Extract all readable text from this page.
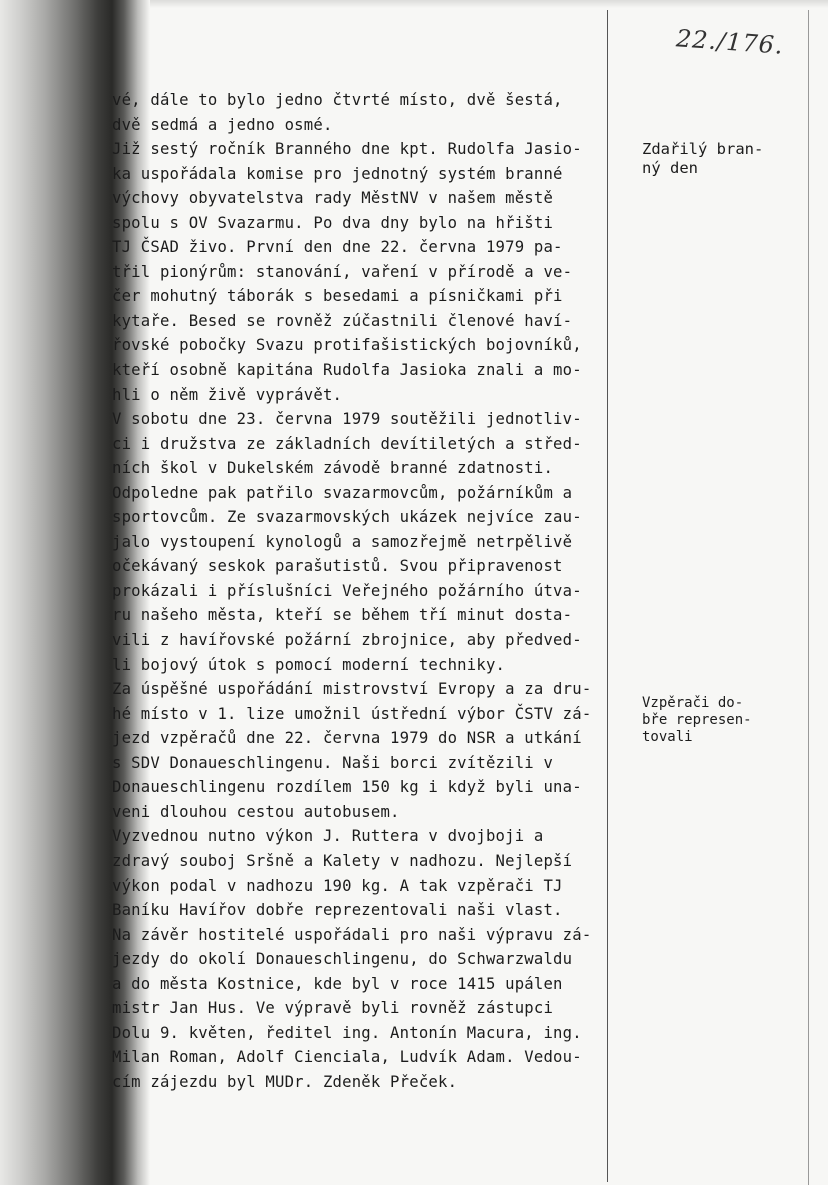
22./176.
vé, dále to bylo jedno čtvrté místo, dvě šestá,
dvě sedmá a jedno osmé.
Již sestý ročník Branného dne kpt. Rudolfa Jasio-
ka uspořádala komise pro jednotný systém branné
výchovy obyvatelstva rady MěstNV v našem městě
spolu s OV Svazarmu. Po dva dny bylo na hřišti
TJ ČSAD živo. První den dne 22. června 1979 pa-
třil pionýrům: stanování, vaření v přírodě a ve-
čer mohutný táborák s besedami a písničkami při
kytaře. Besed se rovněž zúčastnili členové haví-
řovské pobočky Svazu protifašistických bojovníků,
kteří osobně kapitána Rudolfa Jasioka znali a mo-
hli o něm živě vyprávět.
V sobotu dne 23. června 1979 soutěžili jednotliv-
ci i družstva ze základních devítiletých a střed-
ních škol v Dukelském závodě branné zdatnosti.
Odpoledne pak patřilo svazarmovcům, požárníkům a
sportovcům. Ze svazarmovských ukázek nejvíce zau-
jalo vystoupení kynologů a samozřejmě netrpělivě
očekávaný seskok parašutistů. Svou připravenost
prokázali i příslušníci Veřejného požárního útva-
ru našeho města, kteří se během tří minut dosta-
vili z havířovské požární zbrojnice, aby předved-
li bojový útok s pomocí moderní techniky.
Za úspěšné uspořádání mistrovství Evropy a za dru-
hé místo v 1. lize umožnil ústřední výbor ČSTV zá-
jezd vzpěračů dne 22. června 1979 do NSR a utkání
s SDV Donaueschlingenu. Naši borci zvítězili v
Donaueschlingenu rozdílem 150 kg i když byli una-
veni dlouhou cestou autobusem.
Vyzvednou nutno výkon J. Ruttera v dvojboji a
zdravý souboj Sršně a Kalety v nadhozu. Nejlepší
výkon podal v nadhozu 190 kg. A tak vzpěrači TJ
Baníku Havířov dobře reprezentovali naši vlast.
Na závěr hostitelé uspořádali pro naši výpravu zá-
jezdy do okolí Donaueschlingenu, do Schwarzwaldu
a do města Kostnice, kde byl v roce 1415 upálen
mistr Jan Hus. Ve výpravě byli rovněž zástupci
Dolu 9. květen, ředitel ing. Antonín Macura, ing.
Milan Roman, Adolf Cienciala, Ludvík Adam. Vedou-
cím zájezdu byl MUDr. Zdeněk Přeček.
Zdařilý bran-
ný den
Vzpěrači do-
bře represen-
tovali
